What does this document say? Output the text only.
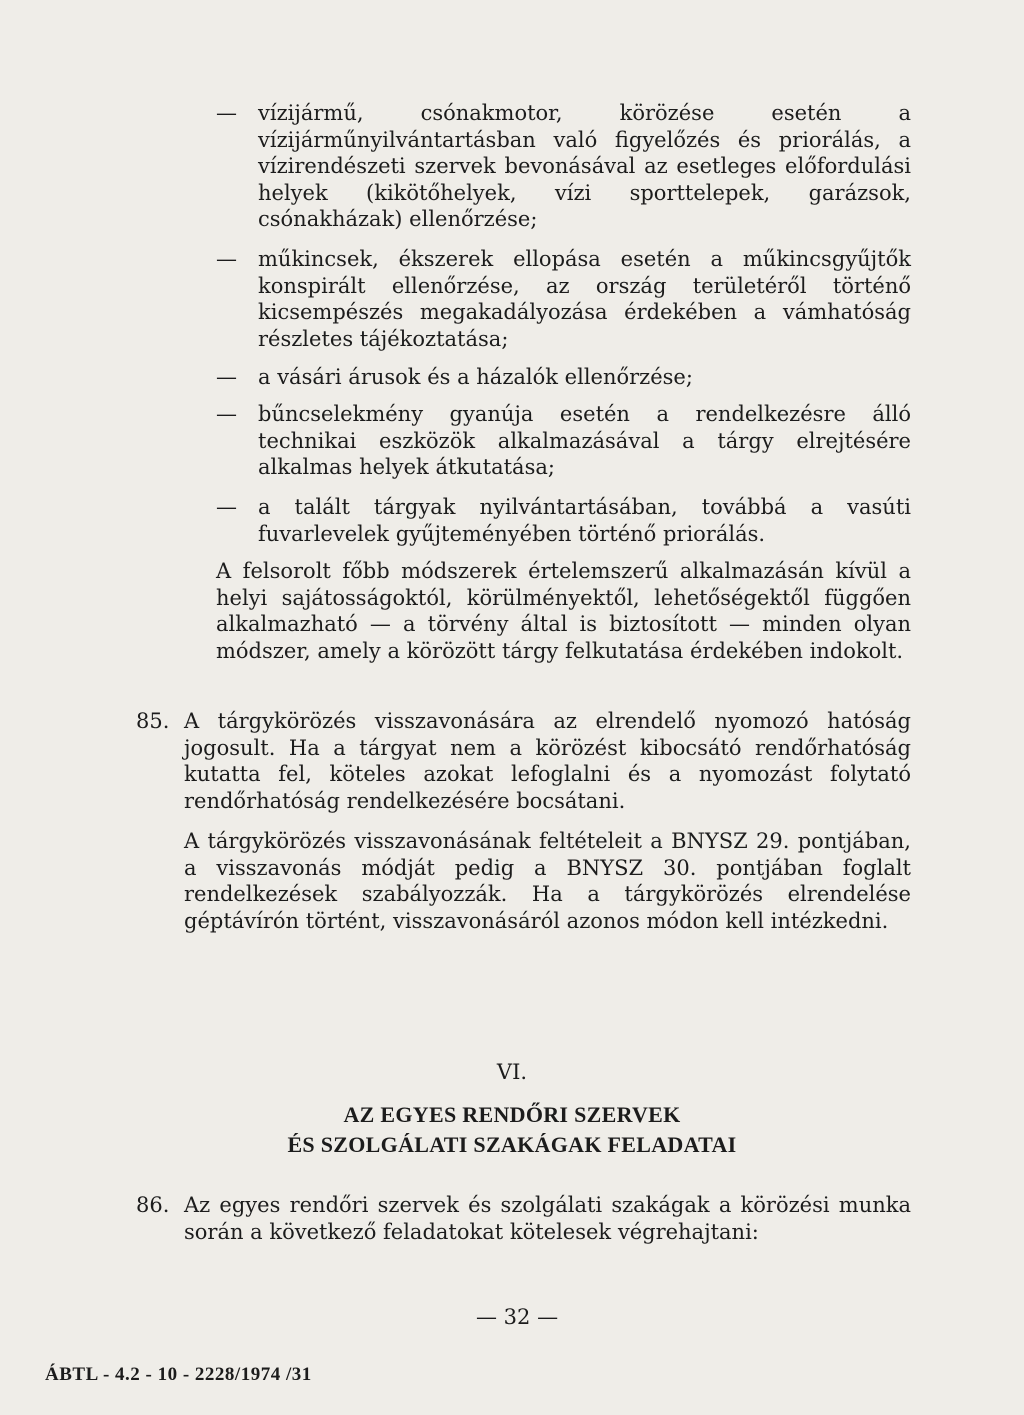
— vízijármű, csónakmotor, körözése esetén a vízijárműnyilvántartásban való figyelőzés és priorálás, a vízirendészeti szervek bevonásával az esetleges előfordulási helyek (kikötőhelyek, vízi sporttelepek, garázsok, csónakházak) ellenőrzése;
— műkincsek, ékszerek ellopása esetén a műkincsgyűjtők konspirált ellenőrzése, az ország területéről történő kicsempészés megakadályozása érdekében a vámhatóság részletes tájékoztatása;
— a vásári árusok és a házalók ellenőrzése;
— bűncselekmény gyanúja esetén a rendelkezésre álló technikai eszközök alkalmazásával a tárgy elrejtésére alkalmas helyek átkutatása;
— a talált tárgyak nyilvántartásában, továbbá a vasúti fuvarlevelek gyűjteményében történő priorálás.
A felsorolt főbb módszerek értelemszerű alkalmazásán kívül a helyi sajátosságoktól, körülményektől, lehetőségektől függően alkalmazható — a törvény által is biztosított — minden olyan módszer, amely a körözött tárgy felkutatása érdekében indokolt.
85. A tárgykörözés visszavonására az elrendelő nyomozó hatóság jogosult. Ha a tárgyat nem a körözést kibocsátó rendőrhatóság kutatta fel, köteles azokat lefoglalni és a nyomozást folytató rendőrhatóság rendelkezésére bocsátani.
A tárgykörözés visszavonásának feltételeit a BNYSZ 29. pontjában, a visszavonás módját pedig a BNYSZ 30. pontjában foglalt rendelkezések szabályozzák. Ha a tárgykörözés elrendelése géptávírón történt, visszavonásáról azonos módon kell intézkedni.
VI.
AZ EGYES RENDŐRI SZERVEK
ÉS SZOLGÁLATI SZAKÁGAK FELADATAI
86. Az egyes rendőri szervek és szolgálati szakágak a körözési munka során a következő feladatokat kötelesek végrehajtani:
— 32 —
ÁBTL - 4.2 - 10 - 2228/1974 /31
